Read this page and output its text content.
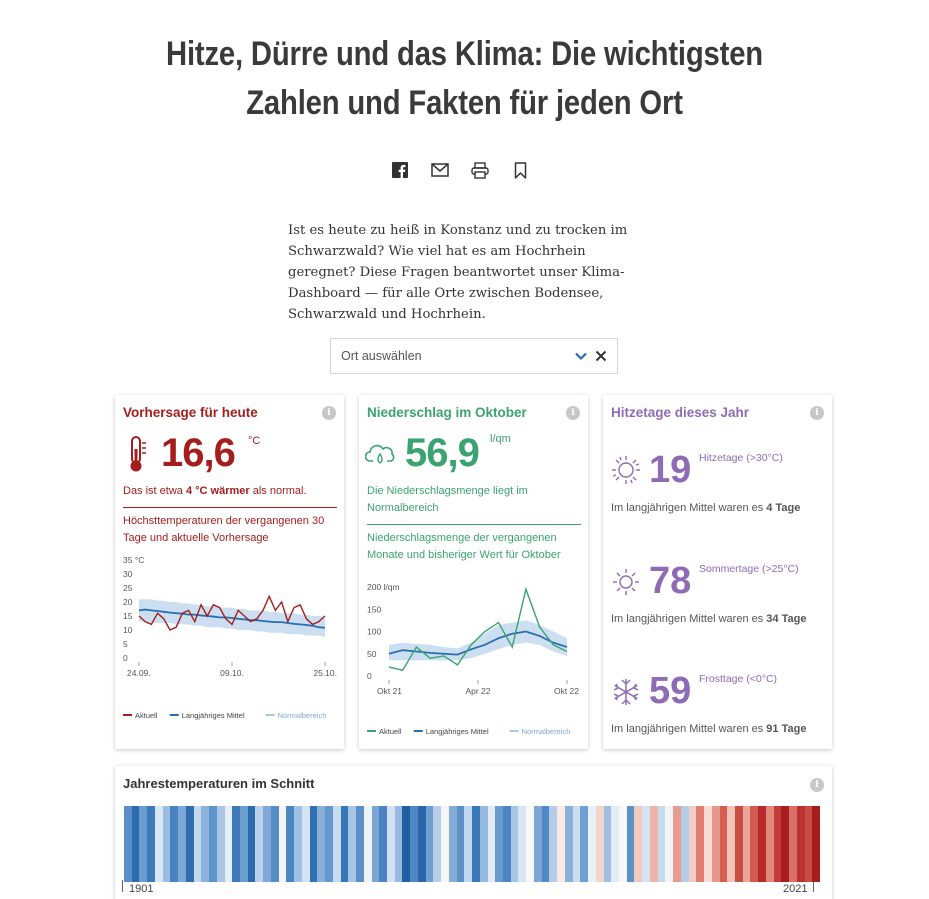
Hitze, Dürre und das Klima: Die wichtigsten
Zahlen und Fakten für jeden Ort

Ist es heute zu heiß in Konstanz und zu trocken im Schwarzwald? Wie viel hat es am Hochrhein geregnet? Diese Fragen beantwortet unser Klima-Dashboard — für alle Orte zwischen Bodensee, Schwarzwald und Hochrhein.

Ort auswählen
Vorhersage für heute	i
16,6 °C
Das ist etwa 4 °C wärmer als normal.
Höchsttemperaturen der vergangenen 30 Tage und aktuelle Vorhersage
35 °C
30
25
20
15
10
5
0
24.09.	09.10.	25.10.
Aktuell	Langjähriges Mittel	Normalbereich
Niederschlag im Oktober	i
56,9 l/qm
Die Niederschlagsmenge liegt im Normalbereich
Niederschlagsmenge der vergangenen Monate und bisheriger Wert für Oktober
200 l/qm
150
100
50
0
Okt 21	Apr 22	Okt 22
Aktuell	Langjähriges Mittel	Normalbereich
Hitzetage dieses Jahr	i
19 Hitzetage (>30°C)
Im langjährigen Mittel waren es 4 Tage
78 Sommertage (>25°C)
Im langjährigen Mittel waren es 34 Tage
59 Frosttage (<0°C)
Im langjährigen Mittel waren es 91 Tage
Jahrestemperaturen im Schnitt	i
1901	2021
